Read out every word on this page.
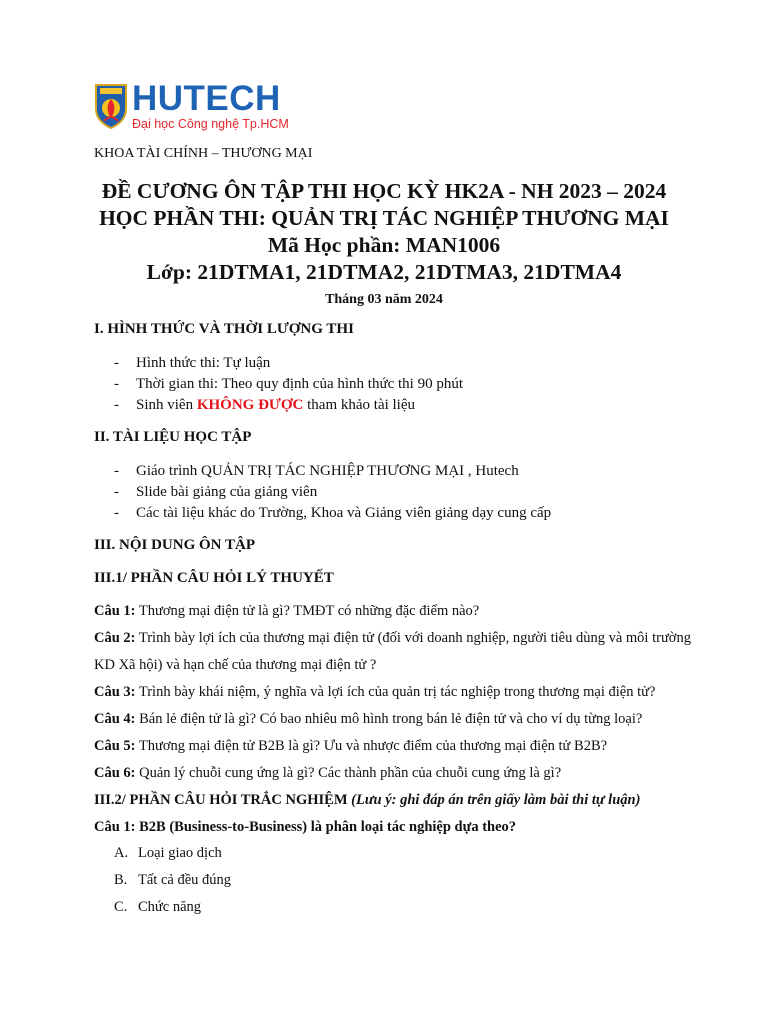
HUTECH
Đại học Công nghệ Tp.HCM
KHOA TÀI CHÍNH – THƯƠNG MẠI
ĐỀ CƯƠNG ÔN TẬP THI HỌC KỲ HK2A - NH 2023 – 2024
HỌC PHẦN THI: QUẢN TRỊ TÁC NGHIỆP THƯƠNG MẠI
Mã Học phần: MAN1006
Lớp: 21DTMA1, 21DTMA2, 21DTMA3, 21DTMA4
Tháng 03 năm 2024
I. HÌNH THỨC VÀ THỜI LƯỢNG THI
- Hình thức thi: Tự luận
- Thời gian thi: Theo quy định của hình thức thi 90 phút
- Sinh viên KHÔNG ĐƯỢC tham khảo tài liệu
II. TÀI LIỆU HỌC TẬP
- Giáo trình QUẢN TRỊ TÁC NGHIỆP THƯƠNG MẠI , Hutech
- Slide bài giảng của giảng viên
- Các tài liệu khác do Trường, Khoa và Giảng viên giảng dạy cung cấp
III. NỘI DUNG ÔN TẬP
III.1/ PHẦN CÂU HỎI LÝ THUYẾT
Câu 1: Thương mại điện tử là gì? TMĐT có những đặc điểm nào?
Câu 2: Trình bày lợi ích của thương mại điện tử (đối với doanh nghiệp, người tiêu dùng và môi trường KD Xã hội) và hạn chế của thương mại điện tử ?
Câu 3: Trình bày khái niệm, ý nghĩa và lợi ích của quản trị tác nghiệp trong thương mại điện tử?
Câu 4: Bán lẻ điện tử là gì? Có bao nhiêu mô hình trong bán lẻ điện tử và cho ví dụ từng loại?
Câu 5: Thương mại điện tử B2B là gì? Ưu và nhược điểm của thương mại điện tử B2B?
Câu 6: Quản lý chuỗi cung ứng là gì? Các thành phần của chuỗi cung ứng là gì?
III.2/ PHẦN CÂU HỎI TRẮC NGHIỆM (Lưu ý: ghi đáp án trên giấy làm bài thi tự luận)
Câu 1: B2B (Business-to-Business) là phân loại tác nghiệp dựa theo?
A. Loại giao dịch
B. Tất cả đều đúng
C. Chức năng
